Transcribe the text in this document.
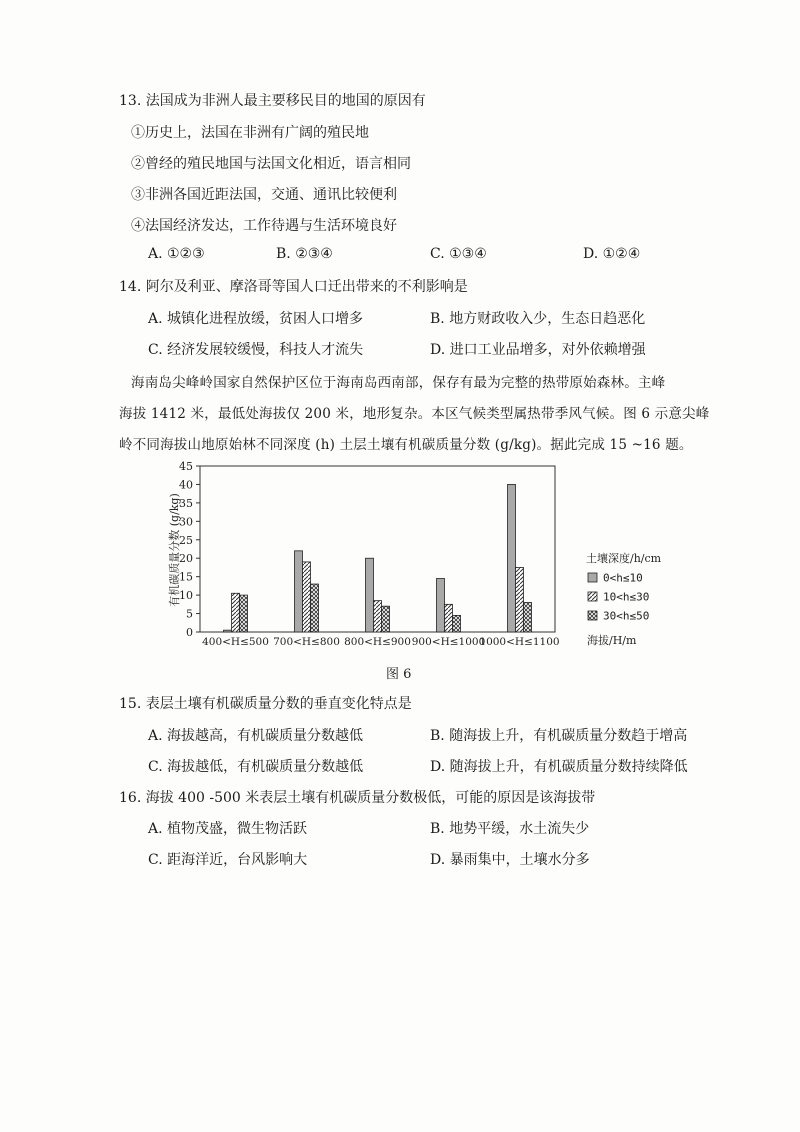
13. 法国成为非洲人最主要移民目的地国的原因有
①历史上，法国在非洲有广阔的殖民地
②曾经的殖民地国与法国文化相近，语言相同
③非洲各国近距法国，交通、通讯比较便利
④法国经济发达，工作待遇与生活环境良好
A. ①②③	B. ②③④	C. ①③④	D. ①②④
14. 阿尔及利亚、摩洛哥等国人口迁出带来的不利影响是
A. 城镇化进程放缓，贫困人口增多	B. 地方财政收入少，生态日趋恶化
C. 经济发展较缓慢，科技人才流失	D. 进口工业品增多，对外依赖增强
海南岛尖峰岭国家自然保护区位于海南岛西南部，保存有最为完整的热带原始森林。主峰
海拔 1412 米，最低处海拔仅 200 米，地形复杂。本区气候类型属热带季风气候。图 6 示意尖峰
岭不同海拔山地原始林不同深度 (h) 土层土壤有机碳质量分数 (g/kg)。据此完成 15 ~16 题。
0
5
10
15
20
25
30
35
40
45
400<H≤500 700<H≤800 800<H≤900 900<H≤1000
1000<H≤1100
0<h≤10
10<h≤30
30<h≤50
有机碳质量分数 (g/kg)
海拔/H/m
土壤深度/h/cm
图 6
15. 表层土壤有机碳质量分数的垂直变化特点是
A. 海拔越高，有机碳质量分数越低	B. 随海拔上升，有机碳质量分数趋于增高
C. 海拔越低，有机碳质量分数越低	D. 随海拔上升，有机碳质量分数持续降低
16. 海拔 400 -500 米表层土壤有机碳质量分数极低，可能的原因是该海拔带
A. 植物茂盛，微生物活跃	B. 地势平缓，水土流失少
C. 距海洋近，台风影响大	D. 暴雨集中，土壤水分多
